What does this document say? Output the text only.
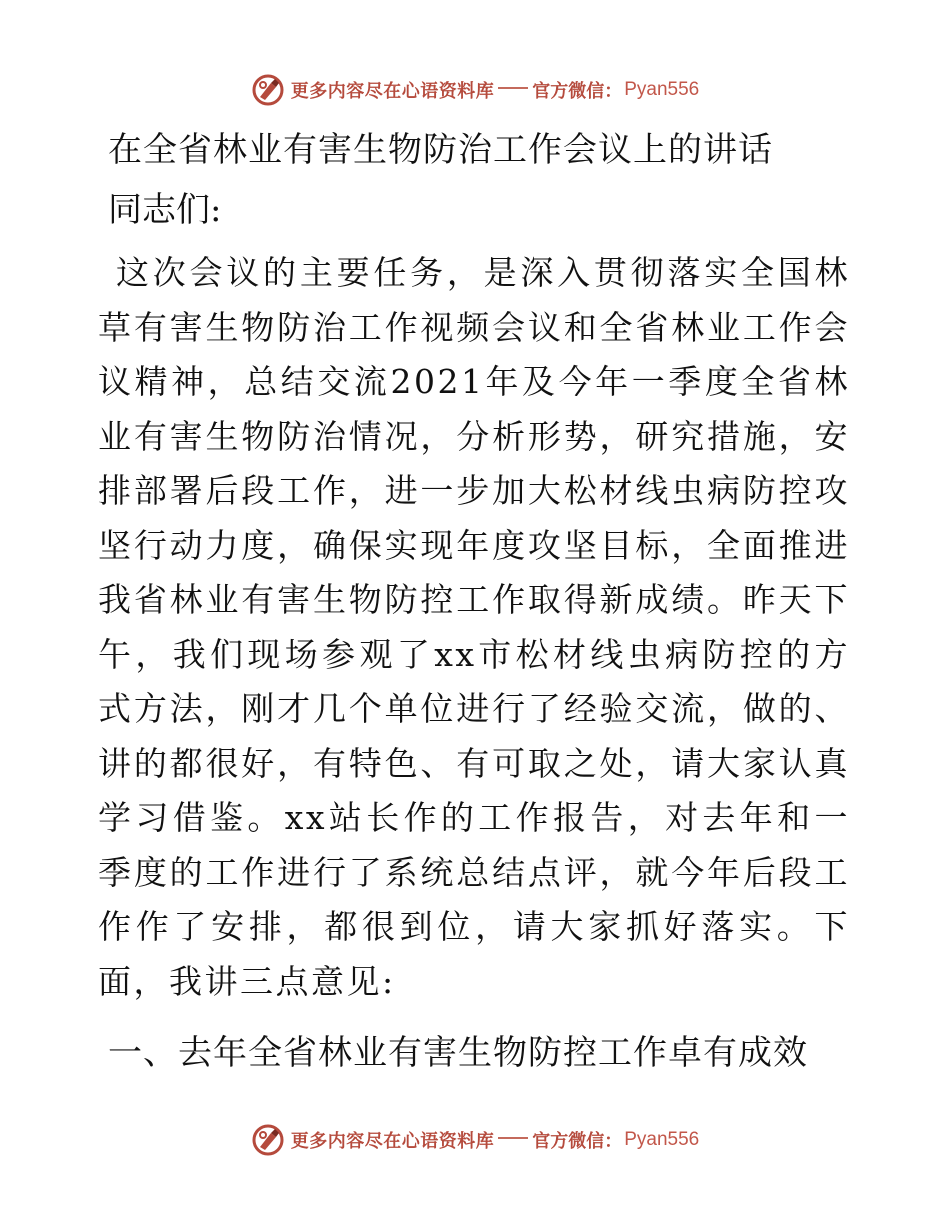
更多内容尽在心语资料库 官方微信： Pyan556
在全省林业有害生物防治工作会议上的讲话

同志们:

这次会议的主要任务，是深入贯彻落实全国林草有害生物防治工作视频会议和全省林业工作会议精神，总结交流2021年及今年一季度全省林业有害生物防治情况，分析形势，研究措施，安排部署后段工作，进一步加大松材线虫病防控攻坚行动力度，确保实现年度攻坚目标，全面推进我省林业有害生物防控工作取得新成绩。昨天下午，我们现场参观了xx市松材线虫病防控的方式方法，刚才几个单位进行了经验交流，做的、讲的都很好，有特色、有可取之处，请大家认真学习借鉴。xx站长作的工作报告，对去年和一季度的工作进行了系统总结点评，就今年后段工作作了安排，都很到位，请大家抓好落实。下面，我讲三点意见:
一、去年全省林业有害生物防控工作卓有成效
更多内容尽在心语资料库 官方微信： Pyan556
